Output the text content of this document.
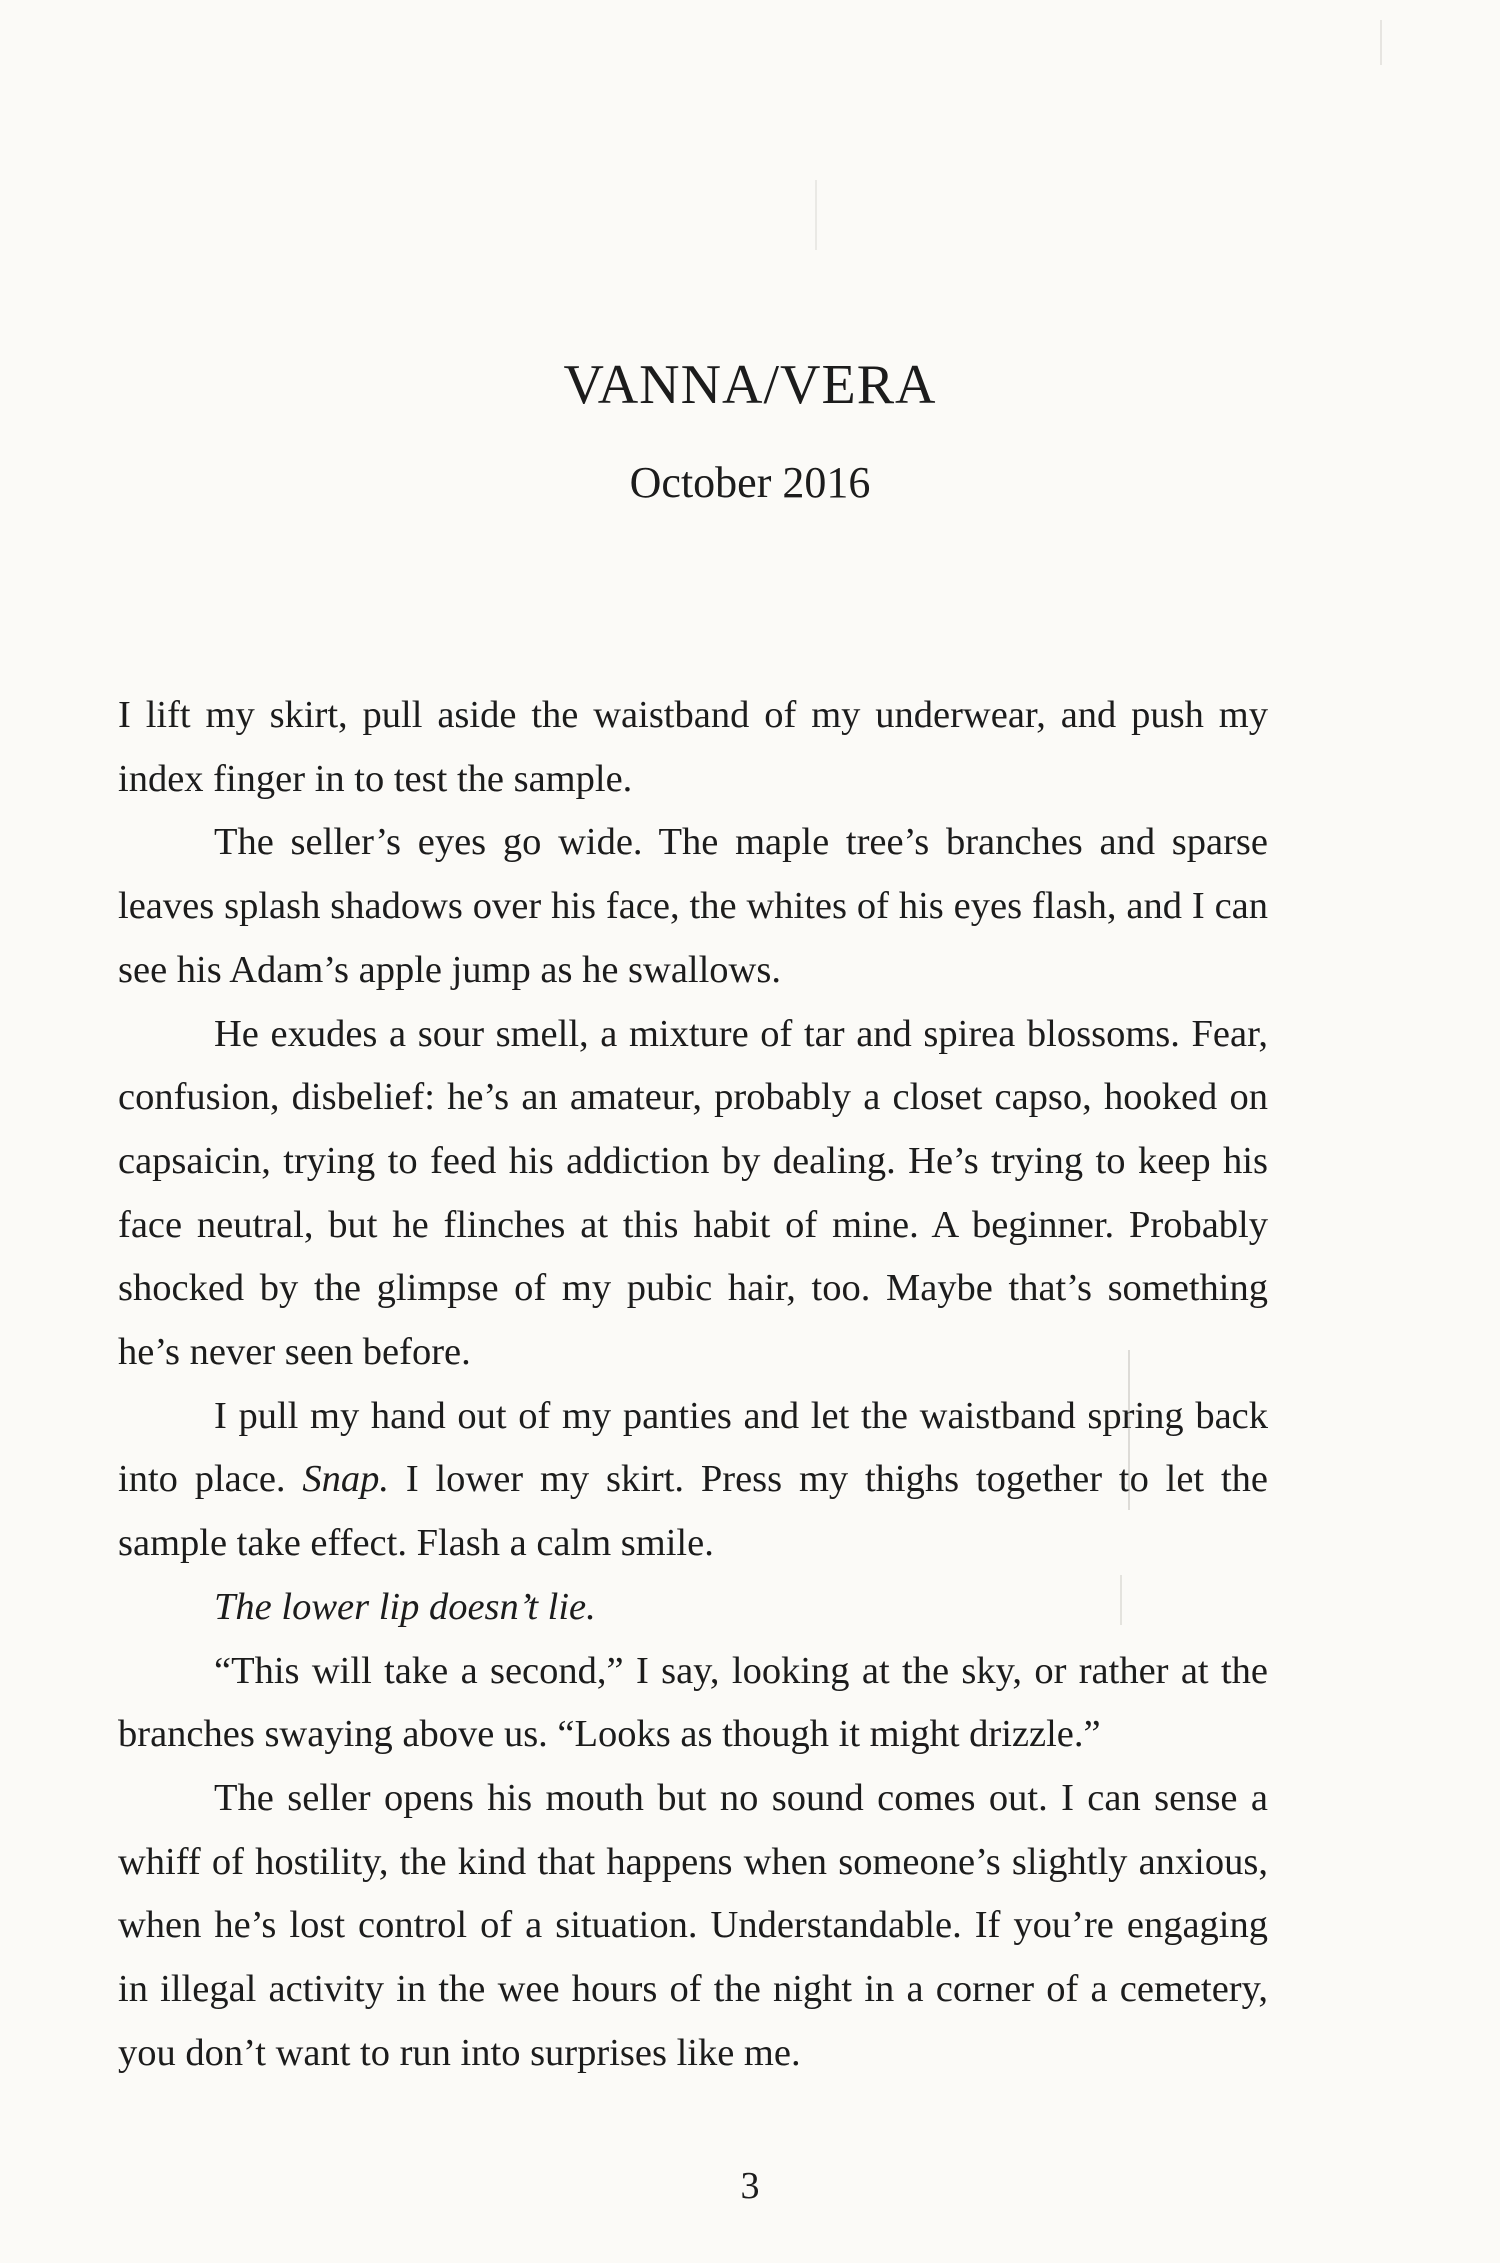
VANNA/VERA
October 2016

I lift my skirt, pull aside the waistband of my underwear, and push my index finger in to test the sample.

The seller’s eyes go wide. The maple tree’s branches and sparse leaves splash shadows over his face, the whites of his eyes flash, and I can see his Adam’s apple jump as he swallows.

He exudes a sour smell, a mixture of tar and spirea blossoms. Fear, confusion, disbelief: he’s an amateur, probably a closet capso, hooked on capsaicin, trying to feed his addiction by dealing. He’s trying to keep his face neutral, but he flinches at this habit of mine. A beginner. Probably shocked by the glimpse of my pubic hair, too. Maybe that’s something he’s never seen before.

I pull my hand out of my panties and let the waistband spring back into place. Snap. I lower my skirt. Press my thighs together to let the sample take effect. Flash a calm smile.

The lower lip doesn’t lie.

“This will take a second,” I say, looking at the sky, or rather at the branches swaying above us. “Looks as though it might drizzle.”

The seller opens his mouth but no sound comes out. I can sense a whiff of hostility, the kind that happens when someone’s slightly anxious, when he’s lost control of a situation. Understandable. If you’re engaging in illegal activity in the wee hours of the night in a corner of a cemetery, you don’t want to run into surprises like me.

3
